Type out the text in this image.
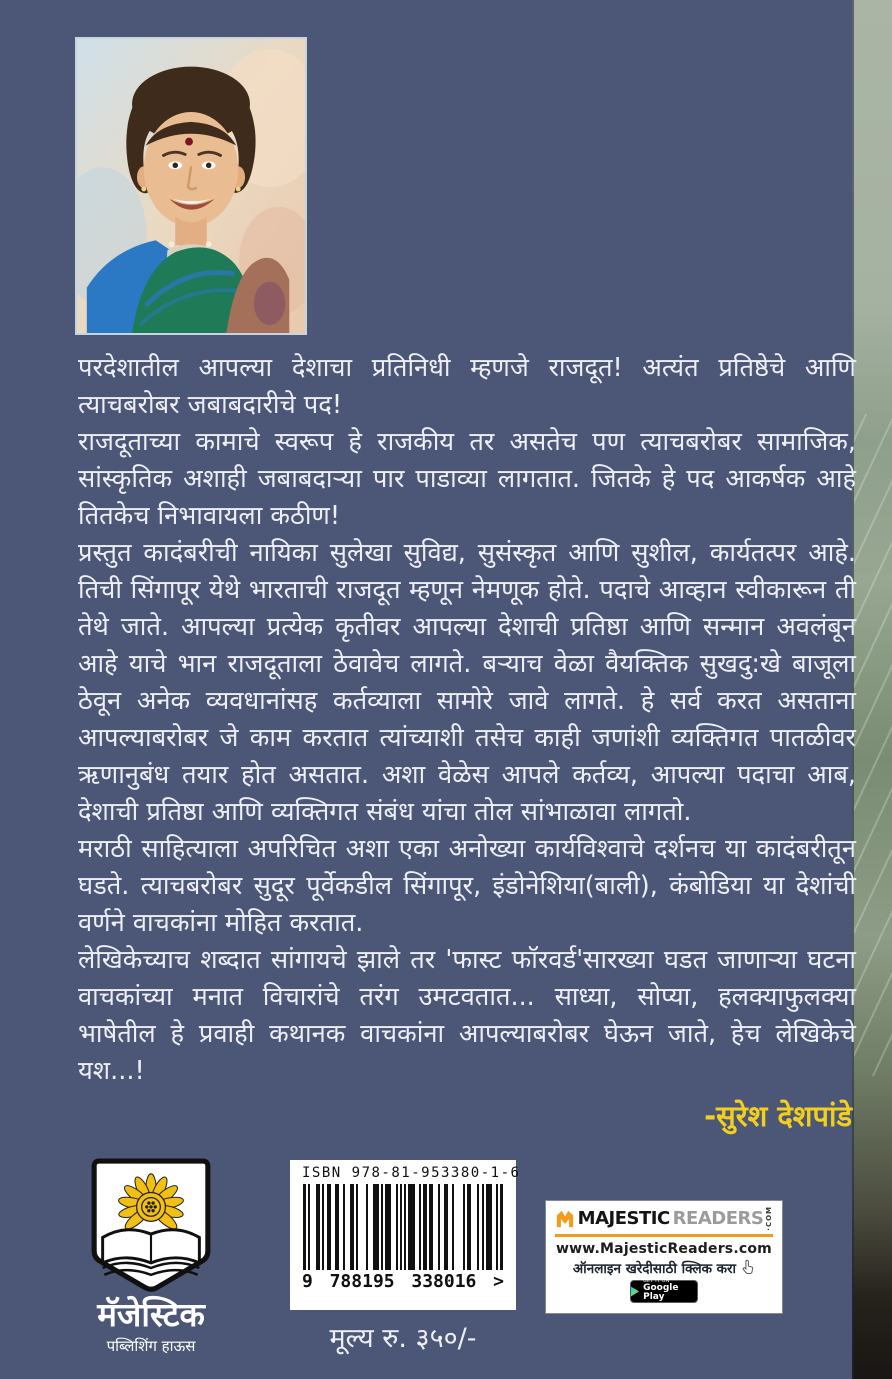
परदेशातील आपल्या देशाचा प्रतिनिधी म्हणजे राजदूत! अत्यंत प्रतिष्ठेचे आणि त्याचबरोबर जबाबदारीचे पद!

राजदूताच्या कामाचे स्वरूप हे राजकीय तर असतेच पण त्याचबरोबर सामाजिक, सांस्कृतिक अशाही जबाबदाऱ्या पार पाडाव्या लागतात. जितके हे पद आकर्षक आहे तितकेच निभावायला कठीण!

प्रस्तुत कादंबरीची नायिका सुलेखा सुविद्य, सुसंस्कृत आणि सुशील, कार्यतत्पर आहे. तिची सिंगापूर येथे भारताची राजदूत म्हणून नेमणूक होते. पदाचे आव्हान स्वीकारून ती तेथे जाते. आपल्या प्रत्येक कृतीवर आपल्या देशाची प्रतिष्ठा आणि सन्मान अवलंबून आहे याचे भान राजदूताला ठेवावेच लागते. बऱ्याच वेळा वैयक्तिक सुखदु:खे बाजूला ठेवून अनेक व्यवधानांसह कर्तव्याला सामोरे जावे लागते. हे सर्व करत असताना आपल्याबरोबर जे काम करतात त्यांच्याशी तसेच काही जणांशी व्यक्तिगत पातळीवर ऋणानुबंध तयार होत असतात. अशा वेळेस आपले कर्तव्य, आपल्या पदाचा आब, देशाची प्रतिष्ठा आणि व्यक्तिगत संबंध यांचा तोल सांभाळावा लागतो.

मराठी साहित्याला अपरिचित अशा एका अनोख्या कार्यविश्वाचे दर्शनच या कादंबरीतून घडते. त्याचबरोबर सुदूर पूर्वेकडील सिंगापूर, इंडोनेशिया(बाली), कंबोडिया या देशांची वर्णने वाचकांना मोहित करतात.

लेखिकेच्याच शब्दात सांगायचे झाले तर 'फास्ट फॉरवर्ड'सारख्या घडत जाणाऱ्या घटना वाचकांच्या मनात विचारांचे तरंग उमटवतात... साध्या, सोप्या, हलक्याफुलक्या भाषेतील हे प्रवाही कथानक वाचकांना आपल्याबरोबर घेऊन जाते, हेच लेखिकेचे यश...!

-सुरेश देशपांडे
मॅजेस्टिक
पब्लिशिंग हाऊस
ISBN 978-81-953380-1-6
9 788195 338016 >
मूल्य रु. ३५०/-
MAJESTIC READERS ·COM
www.MajesticReaders.com
ऑनलाइन खरेदीसाठी क्लिक करा
GET IT ON
Google Play
